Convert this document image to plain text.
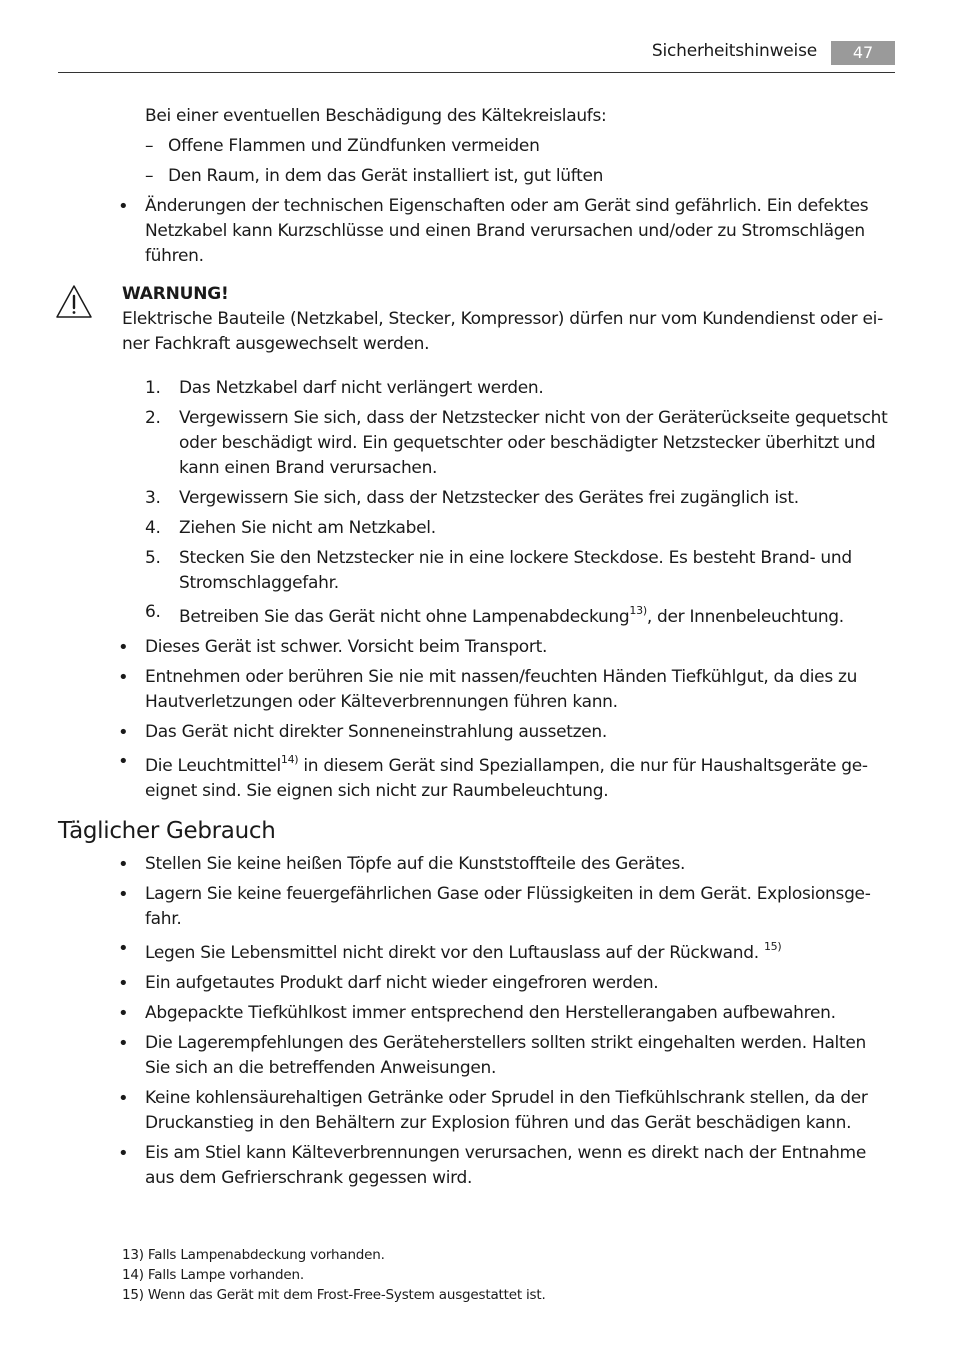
Sicherheitshinweise	47
Bei einer eventuellen Beschädigung des Kältekreislaufs:
– Offene Flammen und Zündfunken vermeiden
– Den Raum, in dem das Gerät installiert ist, gut lüften
• Änderungen der technischen Eigenschaften oder am Gerät sind gefährlich. Ein defektes Netzkabel kann Kurzschlüsse und einen Brand verursachen und/oder zu Stromschlägen führen.
WARNUNG!
Elektrische Bauteile (Netzkabel, Stecker, Kompressor) dürfen nur vom Kundendienst oder einer Fachkraft ausgewechselt werden.
1.	Das Netzkabel darf nicht verlängert werden.
2.	Vergewissern Sie sich, dass der Netzstecker nicht von der Geräterückseite gequetscht oder beschädigt wird. Ein gequetschter oder beschädigter Netzstecker überhitzt und kann einen Brand verursachen.
3.	Vergewissern Sie sich, dass der Netzstecker des Gerätes frei zugänglich ist.
4.	Ziehen Sie nicht am Netzkabel.
5.	Stecken Sie den Netzstecker nie in eine lockere Steckdose. Es besteht Brand- und Stromschlaggefahr.
6.	Betreiben Sie das Gerät nicht ohne Lampenabdeckung$^{13)}$, der Innenbeleuchtung.
• Dieses Gerät ist schwer. Vorsicht beim Transport.
• Entnehmen oder berühren Sie nie mit nassen/feuchten Händen Tiefkühlgut, da dies zu Hautverletzungen oder Kälteverbrennungen führen kann.
• Das Gerät nicht direkter Sonneneinstrahlung aussetzen.
• Die Leuchtmittel$^{14)}$ in diesem Gerät sind Speziallampen, die nur für Haushaltsgeräte geeignet sind. Sie eignen sich nicht zur Raumbeleuchtung.
Täglicher Gebrauch
• Stellen Sie keine heißen Töpfe auf die Kunststoffteile des Gerätes.
• Lagern Sie keine feuergefährlichen Gase oder Flüssigkeiten in dem Gerät. Explosionsgefahr.
• Legen Sie Lebensmittel nicht direkt vor den Luftauslass auf der Rückwand. $^{15)}$
• Ein aufgetautes Produkt darf nicht wieder eingefroren werden.
• Abgepackte Tiefkühlkost immer entsprechend den Herstellerangaben aufbewahren.
• Die Lagerempfehlungen des Geräteherstellers sollten strikt eingehalten werden. Halten Sie sich an die betreffenden Anweisungen.
• Keine kohlensäurehaltigen Getränke oder Sprudel in den Tiefkühlschrank stellen, da der Druckanstieg in den Behältern zur Explosion führen und das Gerät beschädigen kann.
• Eis am Stiel kann Kälteverbrennungen verursachen, wenn es direkt nach der Entnahme aus dem Gefrierschrank gegessen wird.
13) Falls Lampenabdeckung vorhanden.
14) Falls Lampe vorhanden.
15) Wenn das Gerät mit dem Frost-Free-System ausgestattet ist.
